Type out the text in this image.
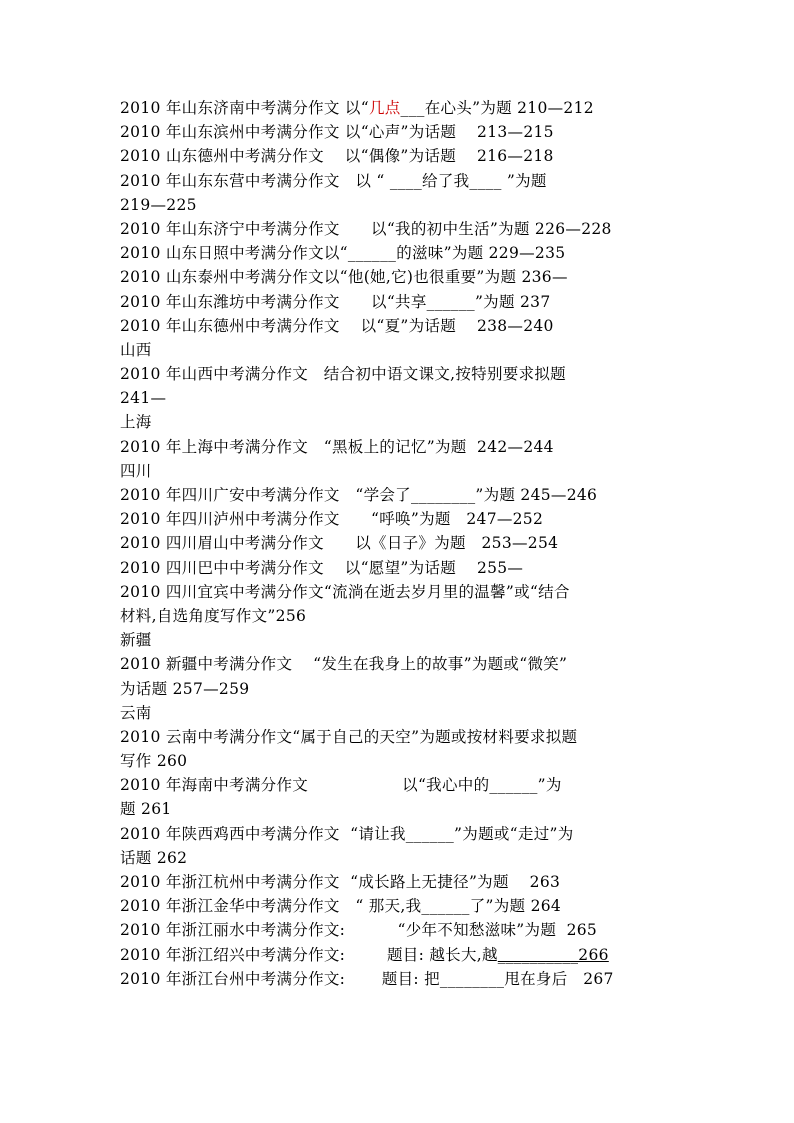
2010 年山东济南中考满分作文 以“几点___在心头”为题 210—212
2010 年山东滨州中考满分作文 以“心声”为话题    213—215
2010 山东德州中考满分作文    以“偶像”为话题    216—218
2010 年山东东营中考满分作文   以 “ ____给了我____ ”为题
219—225
2010 年山东济宁中考满分作文      以“我的初中生活”为题 226—228
2010 山东日照中考满分作文以“______的滋味”为题 229—235
2010 山东泰州中考满分作文以“他(她,它)也很重要”为题 236—
2010 年山东潍坊中考满分作文      以“共享______”为题 237
2010 年山东德州中考满分作文    以“夏”为话题    238—240
山西
2010 年山西中考满分作文   结合初中语文课文,按特别要求拟题
241—
上海
2010 年上海中考满分作文   “黑板上的记忆”为题  242—244
四川
2010 年四川广安中考满分作文   “学会了________”为题 245—246
2010 年四川泸州中考满分作文      “呼唤”为题   247—252
2010 四川眉山中考满分作文      以《日子》为题   253—254
2010 四川巴中中考满分作文    以“愿望”为话题    255—
2010 四川宜宾中考满分作文“流淌在逝去岁月里的温馨”或“结合
材料,自选角度写作文”256
新疆
2010 新疆中考满分作文    “发生在我身上的故事”为题或“微笑”
为话题 257—259
云南
2010 云南中考满分作文“属于自己的天空”为题或按材料要求拟题
写作 260
2010 年海南中考满分作文                  以“我心中的______”为
题 261
2010 年陕西鸡西中考满分作文  “请让我______”为题或“走过”为
话题 262
2010 年浙江杭州中考满分作文  “成长路上无捷径”为题    263
2010 年浙江金华中考满分作文   “ 那天,我______了”为题 264
2010 年浙江丽水中考满分作文:          “少年不知愁滋味”为题  265
2010 年浙江绍兴中考满分作文:        题目: 越长大,越__________266
2010 年浙江台州中考满分作文:       题目: 把________甩在身后   267
